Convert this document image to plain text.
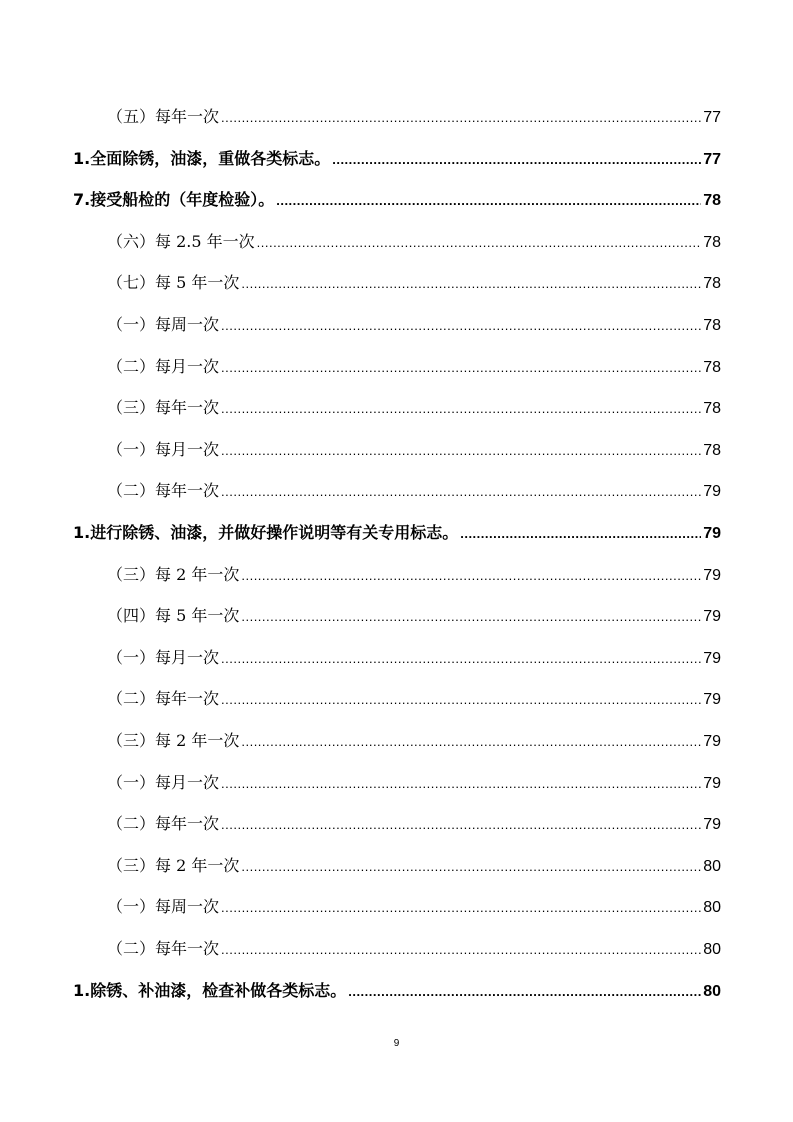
（五）每年一次 .....	77
1.全面除锈，油漆，重做各类标志。 .....	77
7.接受船检的（年度检验）。 .....	78
（六）每 2.5 年一次 .....	78
（七）每 5 年一次 .....	78
（一）每周一次 .....	78
（二）每月一次 .....	78
（三）每年一次 .....	78
（一）每月一次 .....	78
（二）每年一次 .....	79
1.进行除锈、油漆，并做好操作说明等有关专用标志。 .....	79
（三）每 2 年一次 .....	79
（四）每 5 年一次 .....	79
（一）每月一次 .....	79
（二）每年一次 .....	79
（三）每 2 年一次 .....	79
（一）每月一次 .....	79
（二）每年一次 .....	79
（三）每 2 年一次 .....	80
（一）每周一次 .....	80
（二）每年一次 .....	80
1.除锈、补油漆，检查补做各类标志。 .....	80
9
